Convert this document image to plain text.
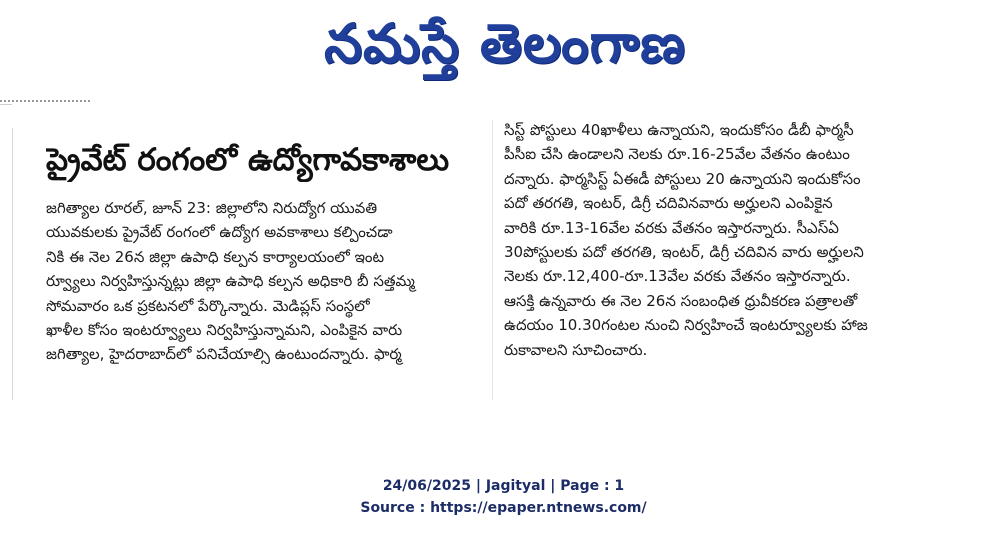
నమస్తే తెలంగాణ
ప్రైవేట్ రంగంలో ఉద్యోగావకాశాలు
జగిత్యాల రూరల్, జూన్ 23: జిల్లాలోని నిరుద్యోగ యువతి
యువకులకు ప్రైవేట్ రంగంలో ఉద్యోగ అవకాశాలు కల్పించడా
నికి ఈ నెల 26న జిల్లా ఉపాధి కల్పన కార్యాలయంలో ఇంట
ర్వ్యూలు నిర్వహిస్తున్నట్లు జిల్లా ఉపాధి కల్పన అధికారి బీ సత్తమ్మ
సోమవారం ఒక ప్రకటనలో పేర్కొన్నారు. మెడిప్లస్ సంస్థలో
ఖాళీల కోసం ఇంటర్వ్యూలు నిర్వహిస్తున్నామని, ఎంపికైన వారు
జగిత్యాల, హైదరాబాద్‌లో పనిచేయాల్సి ఉంటుందన్నారు. ఫార్మ
సిస్ట్ పోస్టులు 40ఖాళీలు ఉన్నాయని, ఇందుకోసం డీబీ ఫార్మసీ
పీసీఐ చేసి ఉండాలని నెలకు రూ.16-25వేల వేతనం ఉంటుం
దన్నారు. ఫార్మసిస్ట్ ఏఈడీ పోస్టులు 20 ఉన్నాయని ఇందుకోసం
పదో తరగతి, ఇంటర్, డిగ్రీ చదివినవారు అర్హులని ఎంపికైన
వారికి రూ.13-16వేల వరకు వేతనం ఇస్తారన్నారు. సీఎస్ఏ
30పోస్టులకు పదో తరగతి, ఇంటర్, డిగ్రీ చదివిన వారు అర్హులని
నెలకు రూ.12,400-రూ.13వేల వరకు వేతనం ఇస్తారన్నారు.
ఆసక్తి ఉన్నవారు ఈ నెల 26న సంబంధిత ధ్రువీకరణ పత్రాలతో
ఉదయం 10.30గంటల నుంచి నిర్వహించే ఇంటర్వ్యూలకు హాజ
రుకావాలని సూచించారు.
24/06/2025 | Jagityal | Page : 1
Source : https://epaper.ntnews.com/
